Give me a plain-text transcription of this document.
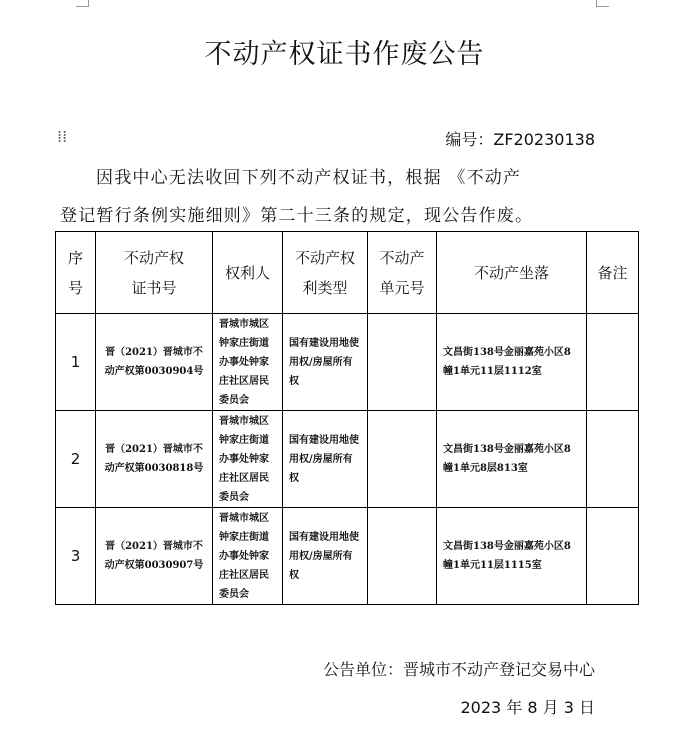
不动产权证书作废公告
⁞⁞	编号：ZF20230138
因我中心无法收回下列不动产权证书，根据 《不动产
登记暂行条例实施细则》第二十三条的规定，现公告作废。
序号	不动产权证书号	权利人	不动产权利类型	不动产单元号	不动产坐落	备注

1	晋（2021）晋城市不动产权第0030904号	晋城市城区钟家庄街道办事处钟家庄社区居民委员会	国有建设用地使用权/房屋所有权		文昌街138号金丽嘉苑小区8幢1单元11层1112室	

2	晋（2021）晋城市不动产权第0030818号	晋城市城区钟家庄街道办事处钟家庄社区居民委员会	国有建设用地使用权/房屋所有权		文昌街138号金丽嘉苑小区8幢1单元8层813室	

3	晋（2021）晋城市不动产权第0030907号	晋城市城区钟家庄街道办事处钟家庄社区居民委员会	国有建设用地使用权/房屋所有权		文昌街138号金丽嘉苑小区8幢1单元11层1115室	

公告单位：晋城市不动产登记交易中心
2023 年 8 月 3 日
